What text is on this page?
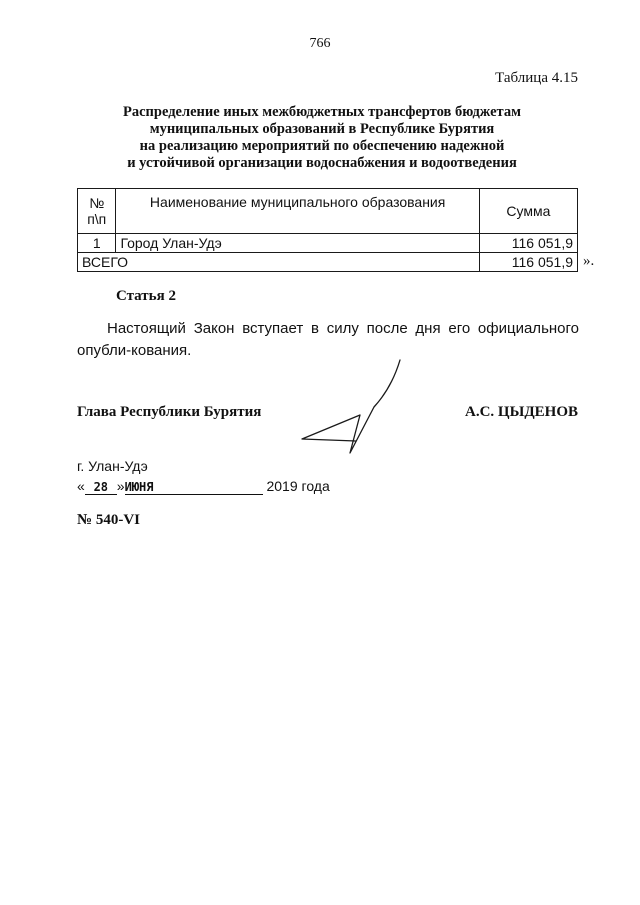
766
Таблица 4.15
Распределение иных межбюджетных трансфертов бюджетам
муниципальных образований в Республике Бурятия
на реализацию мероприятий по обеспечению надежной
и устойчивой организации водоснабжения и водоотведения
№
п\п	Наименование муниципального образования	Сумма
1	Город Улан-Удэ	116 051,9
ВСЕГО		116 051,9 ».
Статья 2
Настоящий Закон вступает в силу после дня его официального опубли-кования.
Глава Республики Бурятия	А.С. ЦЫДЕНОВ
г. Улан-Удэ
« 28 »ИЮНЯ	2019 года
№ 540-VI
